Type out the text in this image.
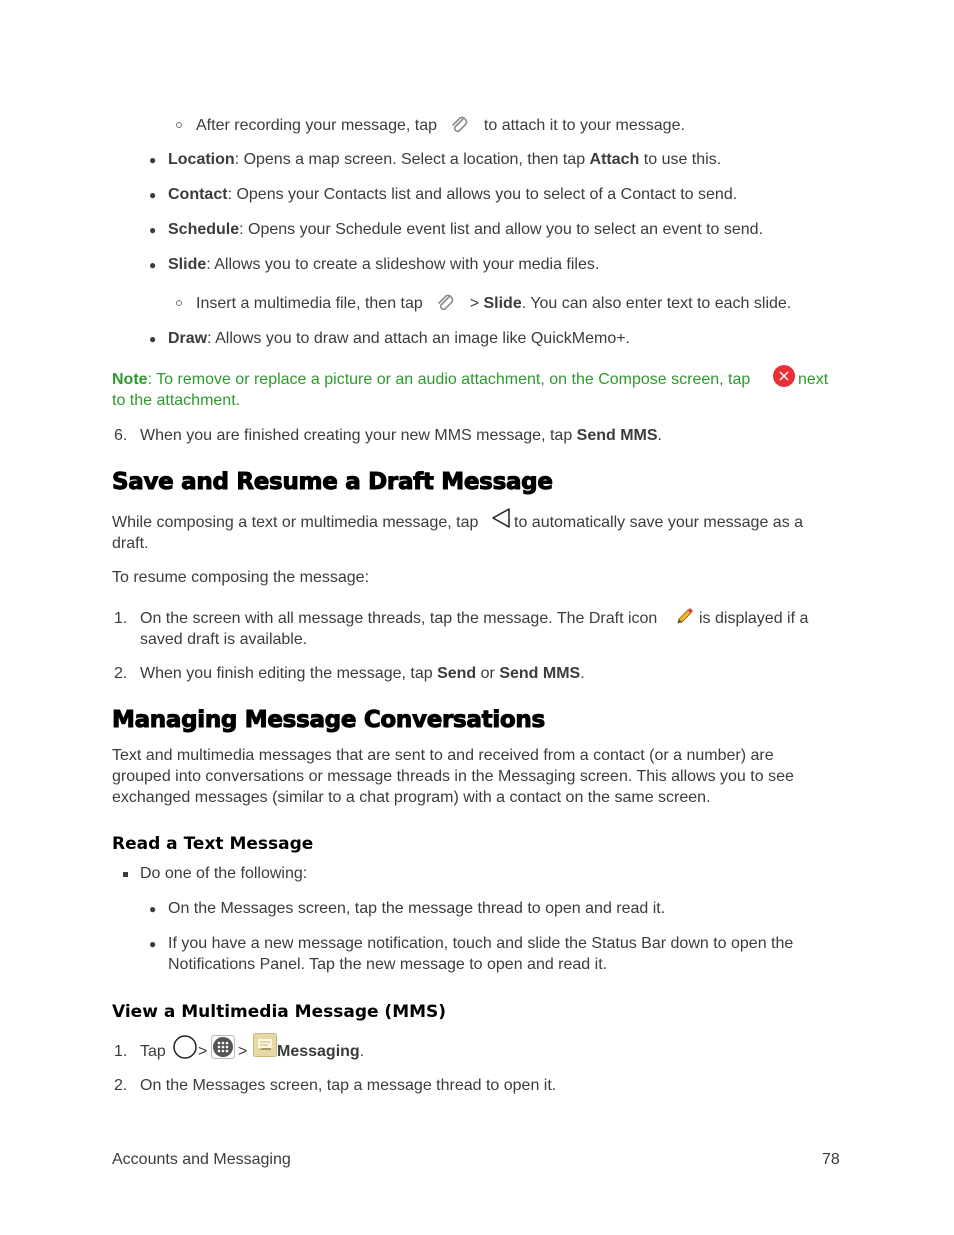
After recording your message, tap	to attach it to your message.
● Location: Opens a map screen. Select a location, then tap Attach to use this.
● Contact: Opens your Contacts list and allows you to select of a Contact to send.
● Schedule: Opens your Schedule event list and allow you to select an event to send.
● Slide: Allows you to create a slideshow with your media files.
Insert a multimedia file, then tap	> Slide. You can also enter text to each slide.
● Draw: Allows you to draw and attach an image like QuickMemo+.
Note: To remove or replace a picture or an audio attachment, on the Compose screen, tap	next
to the attachment.
6. When you are finished creating your new MMS message, tap Send MMS.
Save and Resume a Draft Message
While composing a text or multimedia message, tap to automatically save your message as a
draft.
To resume composing the message:
1. On the screen with all message threads, tap the message. The Draft icon	is displayed if a
saved draft is available.
2. When you finish editing the message, tap Send or Send MMS.
Managing Message Conversations
Text and multimedia messages that are sent to and received from a contact (or a number) are
grouped into conversations or message threads in the Messaging screen. This allows you to see
exchanged messages (similar to a chat program) with a contact on the same screen.
Read a Text Message
Do one of the following:
● On the Messages screen, tap the message thread to open and read it.
● If you have a new message notification, touch and slide the Status Bar down to open the
Notifications Panel. Tap the new message to open and read it.
View a Multimedia Message (MMS)
1. Tap > > Messaging.
2. On the Messages screen, tap a message thread to open it.
Accounts and Messaging	78
